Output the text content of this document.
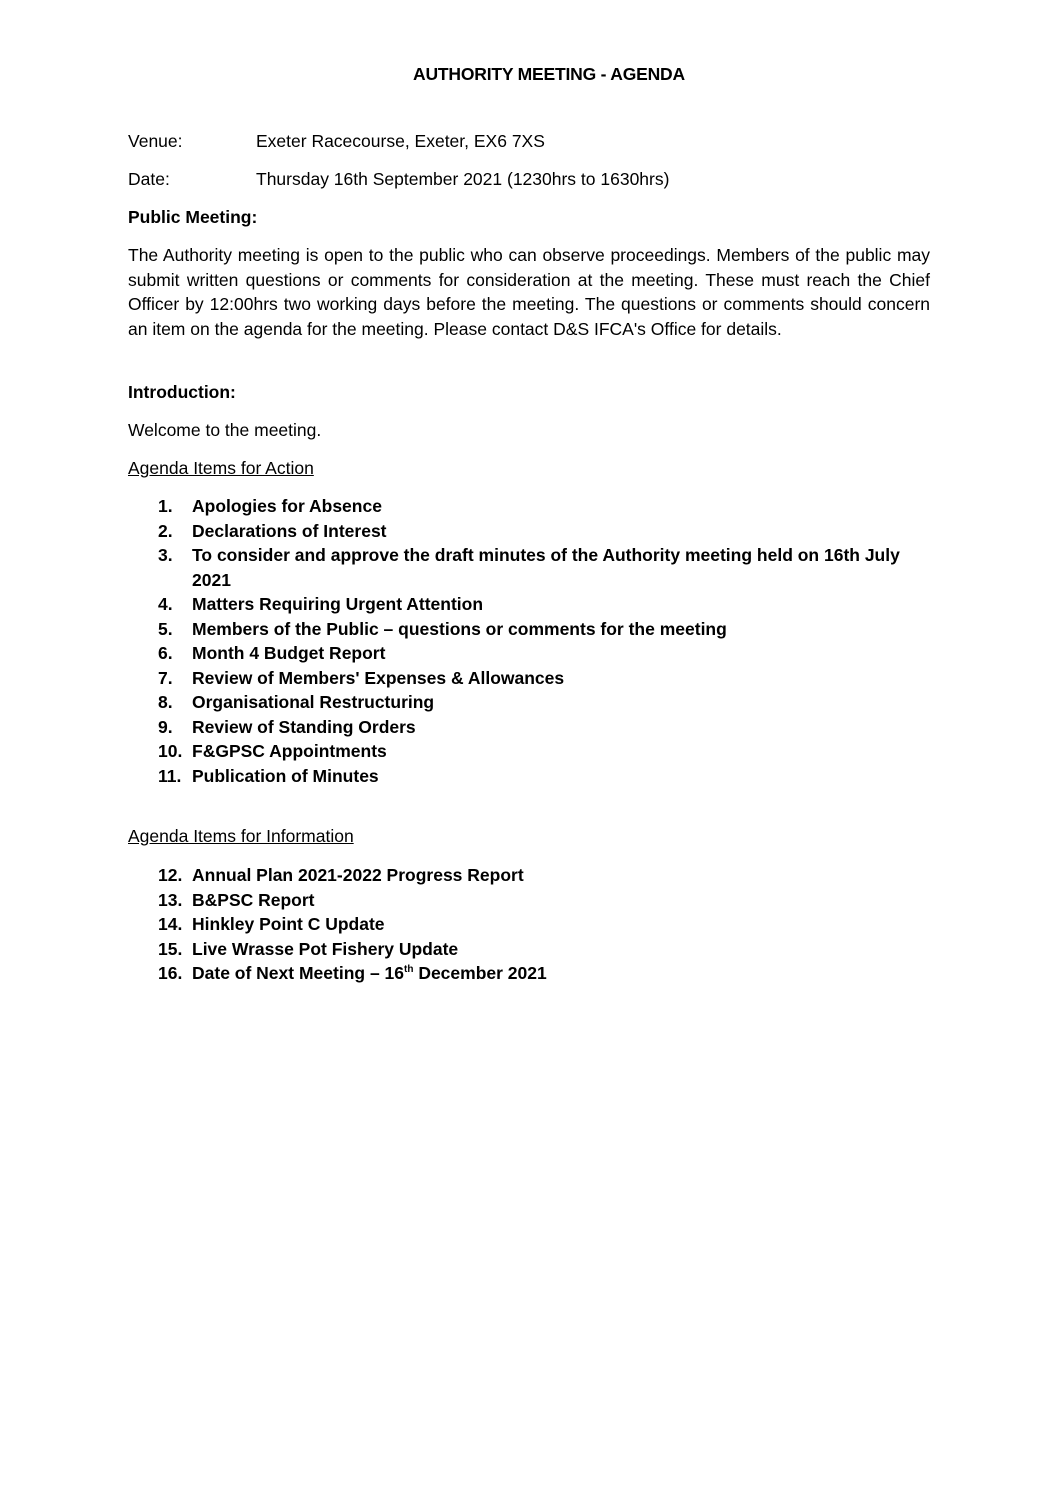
AUTHORITY MEETING - AGENDA
Venue:	Exeter Racecourse, Exeter, EX6 7XS
Date:	Thursday 16th September 2021 (1230hrs to 1630hrs)
Public Meeting:
The Authority meeting is open to the public who can observe proceedings. Members of the public may submit written questions or comments for consideration at the meeting. These must reach the Chief Officer by 12:00hrs two working days before the meeting. The questions or comments should concern an item on the agenda for the meeting. Please contact D&S IFCA's Office for details.
Introduction:
Welcome to the meeting.
Agenda Items for Action
1.	Apologies for Absence
2.	Declarations of Interest
3.	To consider and approve the draft minutes of the Authority meeting held on 16th July 2021
4.	Matters Requiring Urgent Attention
5.	Members of the Public – questions or comments for the meeting
6.	Month 4 Budget Report
7.	Review of Members' Expenses & Allowances
8.	Organisational Restructuring
9.	Review of Standing Orders
10. F&GPSC Appointments
11. Publication of Minutes
Agenda Items for Information
12. Annual Plan 2021-2022 Progress Report
13. B&PSC Report
14. Hinkley Point C Update
15. Live Wrasse Pot Fishery Update
16. Date of Next Meeting – 16th December 2021
